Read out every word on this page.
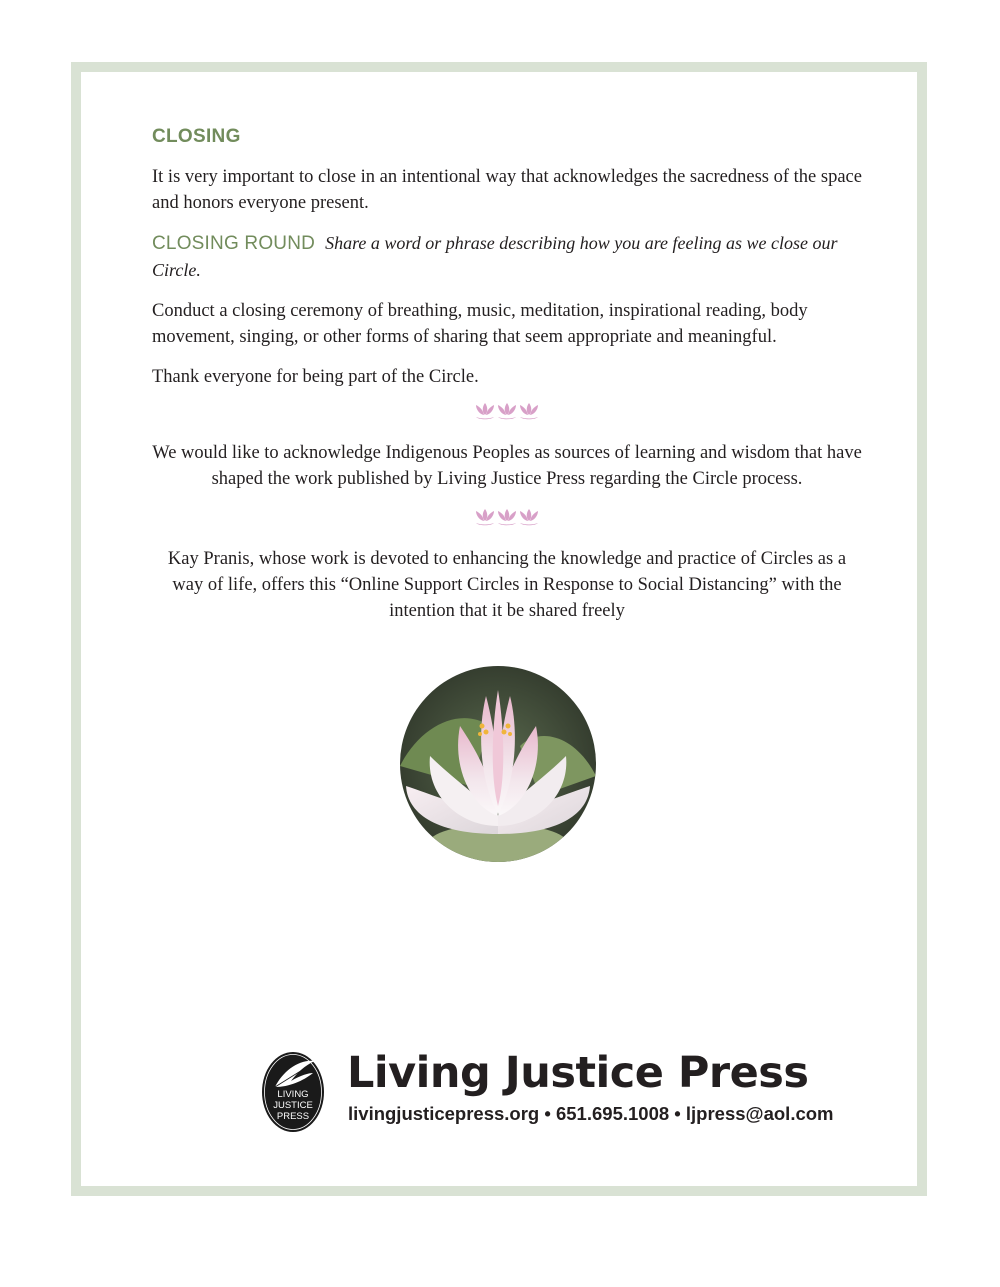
CLOSING

It is very important to close in an intentional way that acknowledges the sacredness of the space and honors everyone present.

CLOSING ROUND Share a word or phrase describing how you are feeling as we close our Circle.

Conduct a closing ceremony of breathing, music, meditation, inspirational reading, body movement, singing, or other forms of sharing that seem appropriate and meaningful.

Thank everyone for being part of the Circle.

We would like to acknowledge Indigenous Peoples as sources of learning and wisdom that have shaped the work published by Living Justice Press regarding the Circle process.

Kay Pranis, whose work is devoted to enhancing the knowledge and practice of Circles as a way of life, offers this “Online Support Circles in Response to Social Distancing” with the intention that it be shared freely

LIVING
JUSTICE
PRESS
Living Justice Press
livingjusticepress.org • 651.695.1008 • ljpress@aol.com
